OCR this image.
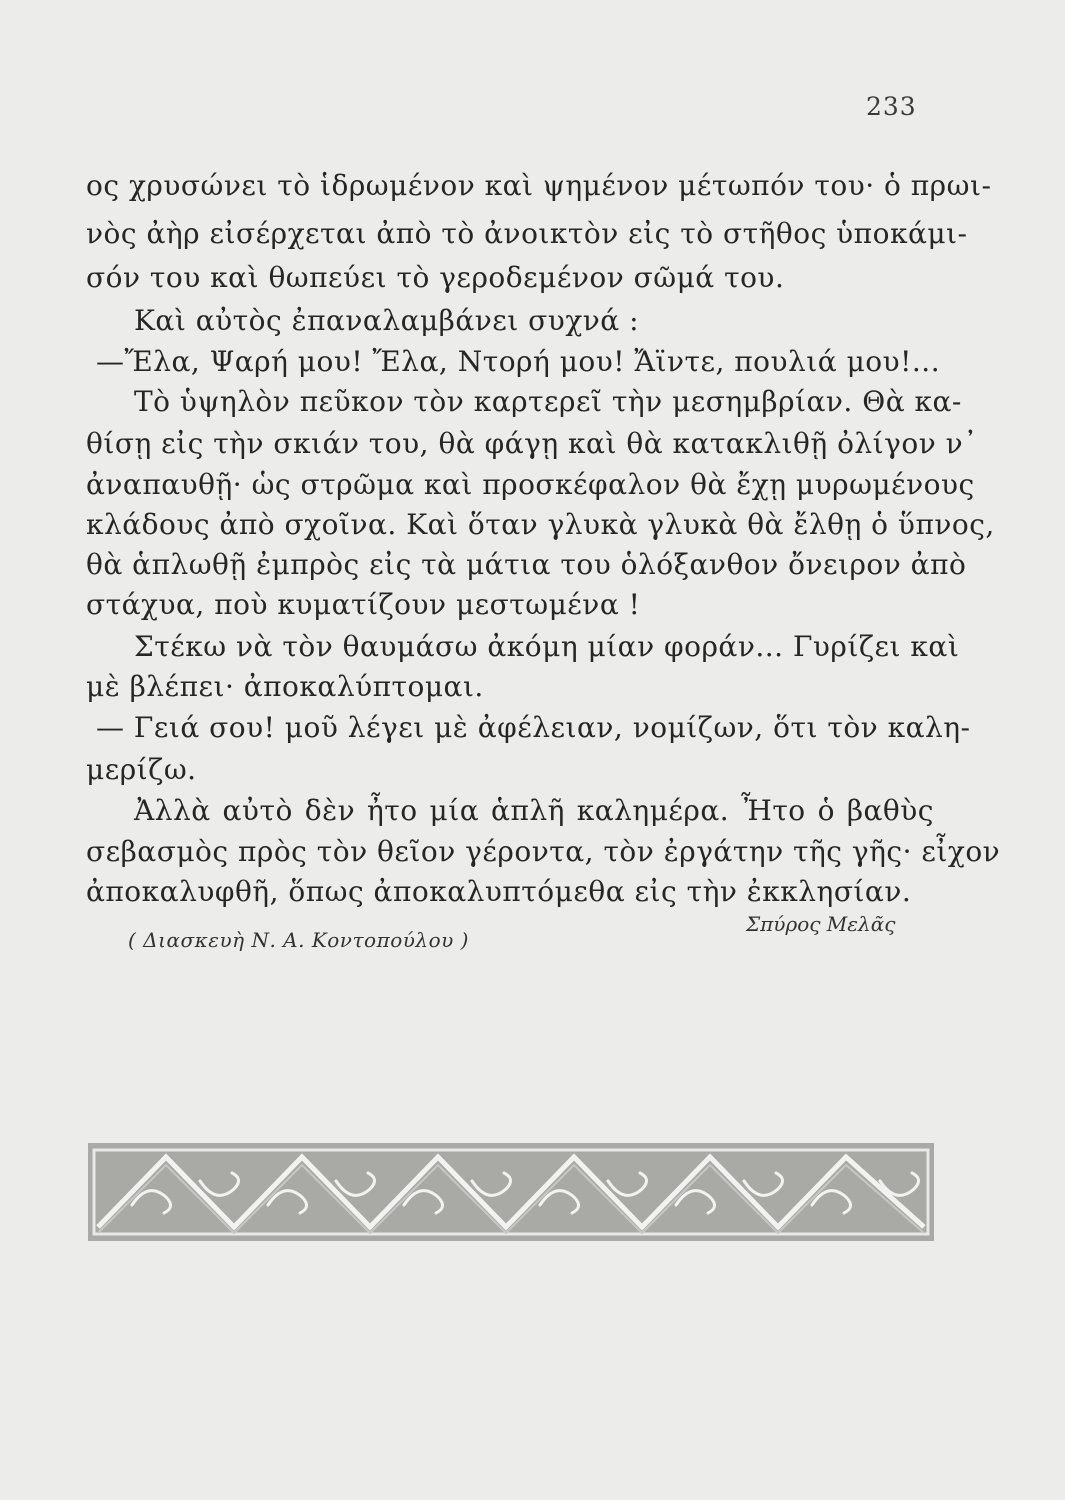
233
ος χρυσώνει τὸ ἱδρωμένον καὶ ψημένον μέτωπόν του· ὁ πρωι-
νὸς ἀὴρ εἰσέρχεται ἀπὸ τὸ ἀνοικτὸν εἰς τὸ στῆθος ὑποκάμι-
σόν του καὶ θωπεύει τὸ γεροδεμένον σῶμά του.
Καὶ αὐτὸς ἐπαναλαμβάνει συχνά :
—Ἔλα, Ψαρή μου! Ἔλα, Ντορή μου! Ἄϊντε, πουλιά μου!...
Τὸ ὑψηλὸν πεῦκον τὸν καρτερεῖ τὴν μεσημβρίαν. Θὰ κα-
θίσῃ εἰς τὴν σκιάν του, θὰ φάγῃ καὶ θὰ κατακλιθῇ ὀλίγον ν᾽
ἀναπαυθῇ· ὡς στρῶμα καὶ προσκέφαλον θὰ ἔχῃ μυρωμένους
κλάδους ἀπὸ σχοῖνα. Καὶ ὅταν γλυκὰ γλυκὰ θὰ ἔλθῃ ὁ ὕπνος,
θὰ ἁπλωθῇ ἐμπρὸς εἰς τὰ μάτια του ὁλόξανθον ὄνειρον ἀπὸ
στάχυα, ποὺ κυματίζουν μεστωμένα !
Στέκω νὰ τὸν θαυμάσω ἀκόμη μίαν φοράν... Γυρίζει καὶ
μὲ βλέπει· ἀποκαλύπτομαι.
— Γειά σου! μοῦ λέγει μὲ ἀφέλειαν, νομίζων, ὅτι τὸν καλη-
μερίζω.
Ἀλλὰ αὐτὸ δὲν ἦτο μία ἁπλῆ καλημέρα. Ἦτο ὁ βαθὺς
σεβασμὸς πρὸς τὸν θεῖον γέροντα, τὸν ἐργάτην τῆς γῆς· εἶχον
ἀποκαλυφθῆ, ὅπως ἀποκαλυπτόμεθα εἰς τὴν ἐκκλησίαν.
( Διασκευὴ Ν. Α. Κοντοπούλου )
Σπύρος Μελᾶς
